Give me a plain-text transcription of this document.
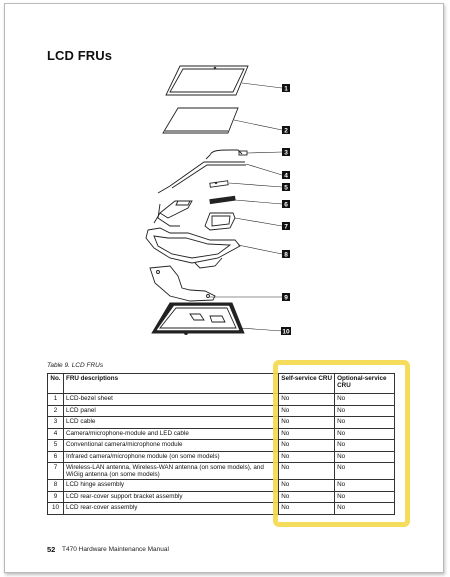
LCD FRUs
1
2
3
4
5
6
7
8
9
10
Table 9. LCD FRUs
No.	FRU descriptions	Self-service CRU	Optional-service CRU
1	LCD-bezel sheet	No	No
2	LCD panel	No	No
3	LCD cable	No	No
4	Camera/microphone-module and LED cable	No	No
5	Conventional camera/microphone module	No	No
6	Infrared camera/microphone module (on some models)	No	No
7	Wireless-LAN antenna, Wireless-WAN antenna (on some models), and WiGig antenna (on some models)	No	No
8	LCD hinge assembly	No	No
9	LCD rear-cover support bracket assembly	No	No
10	LCD rear-cover assembly	No	No
52 T470 Hardware Maintenance Manual
